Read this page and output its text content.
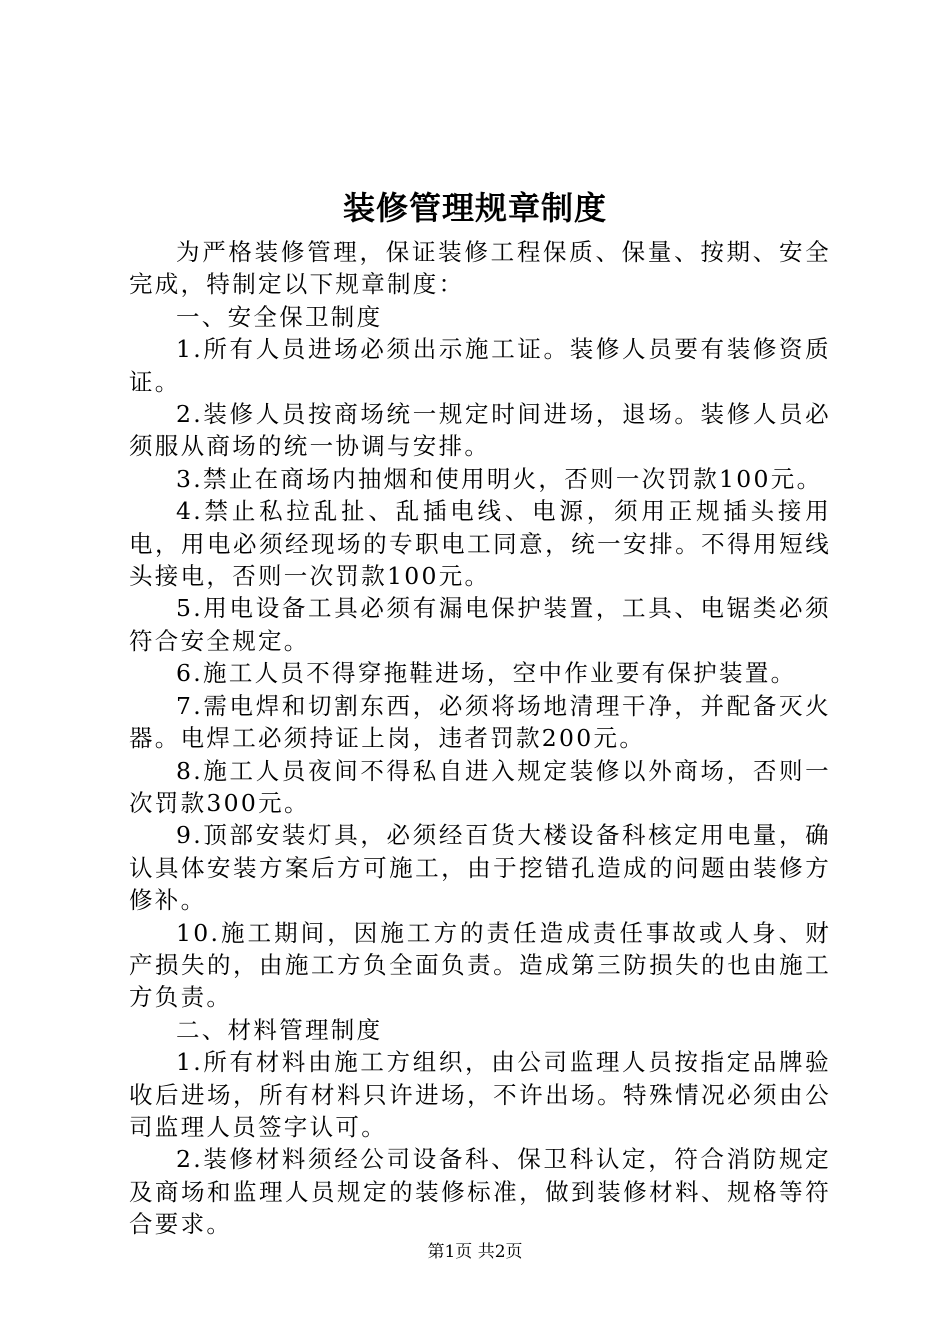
装修管理规章制度

为严格装修管理，保证装修工程保质、保量、按期、安全完成，特制定以下规章制度：

一、安全保卫制度

1.所有人员进场必须出示施工证。装修人员要有装修资质证。

2.装修人员按商场统一规定时间进场，退场。装修人员必须服从商场的统一协调与安排。

3.禁止在商场内抽烟和使用明火，否则一次罚款100元。

4.禁止私拉乱扯、乱插电线、电源，须用正规插头接用电，用电必须经现场的专职电工同意，统一安排。不得用短线头接电，否则一次罚款100元。

5.用电设备工具必须有漏电保护装置，工具、电锯类必须符合安全规定。

6.施工人员不得穿拖鞋进场，空中作业要有保护装置。

7.需电焊和切割东西，必须将场地清理干净，并配备灭火器。电焊工必须持证上岗，违者罚款200元。

8.施工人员夜间不得私自进入规定装修以外商场，否则一次罚款300元。

9.顶部安装灯具，必须经百货大楼设备科核定用电量，确认具体安装方案后方可施工，由于挖错孔造成的问题由装修方修补。

10.施工期间，因施工方的责任造成责任事故或人身、财产损失的，由施工方负全面负责。造成第三防损失的也由施工方负责。

二、材料管理制度

1.所有材料由施工方组织，由公司监理人员按指定品牌验收后进场，所有材料只许进场，不许出场。特殊情况必须由公司监理人员签字认可。

2.装修材料须经公司设备科、保卫科认定，符合消防规定及商场和监理人员规定的装修标准，做到装修材料、规格等符合要求。

第1页 共2页
